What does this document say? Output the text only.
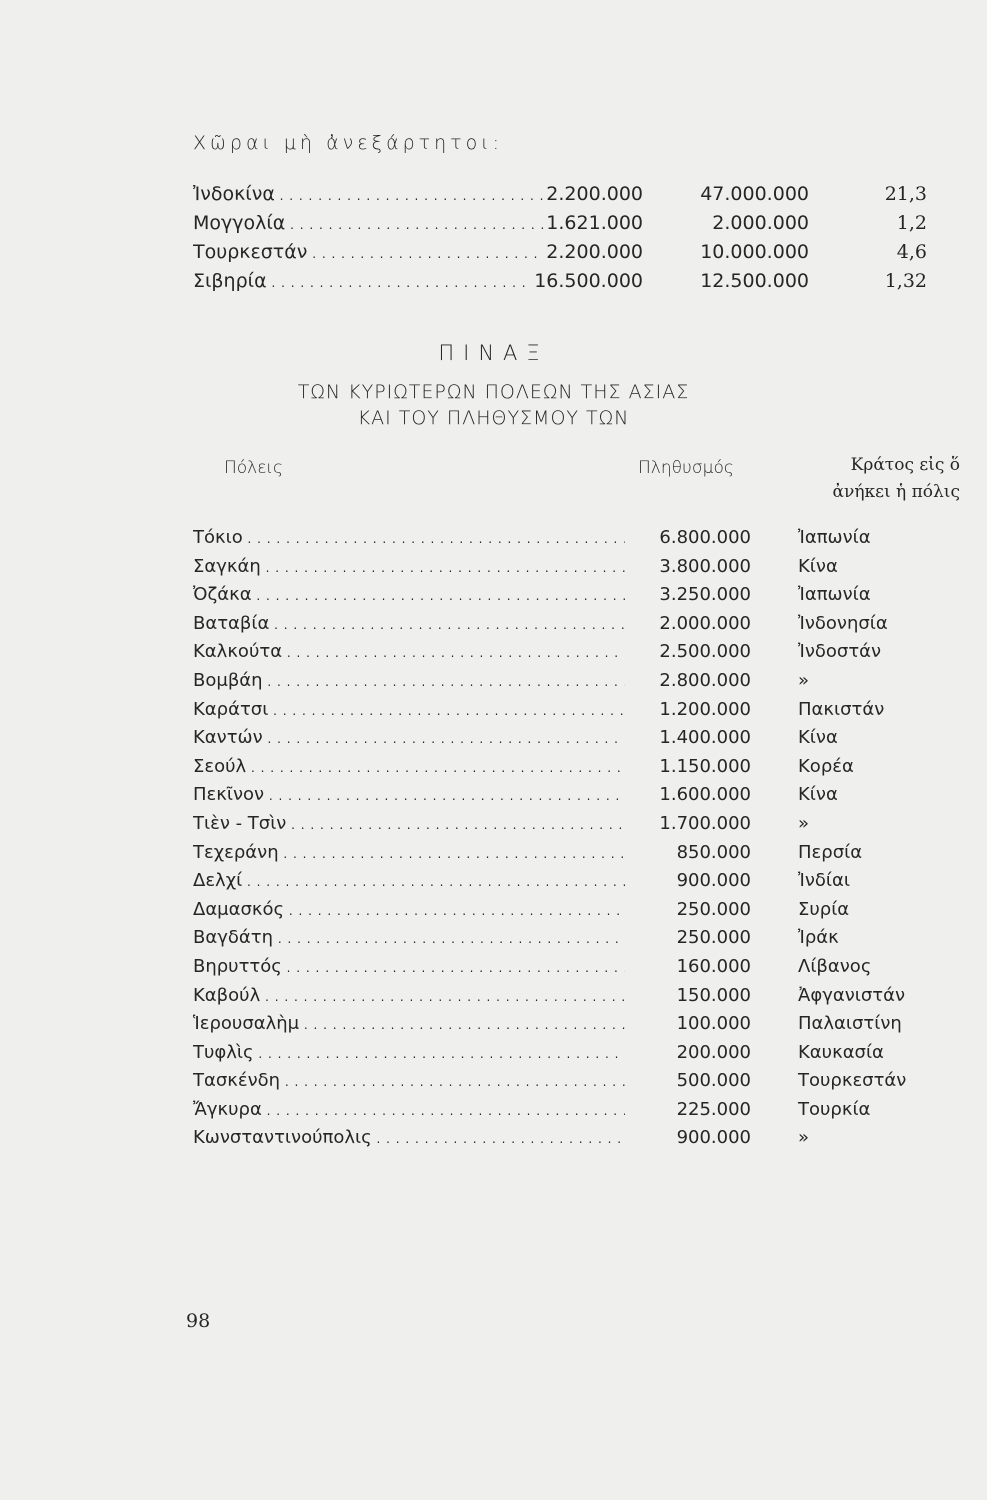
Χῶραι μὴ ἀνεξάρτητοι:
Ἰνδοκίνα . . .	2.200.000	47.000.000	21,3
Μογγολία . . .	1.621.000	2.000.000	1,2
Τουρκεστάν . . .	2.200.000	10.000.000	4,6
Σιβηρία . . .	16.500.000	12.500.000	1,32
ΠΙΝΑΞ
ΤΩΝ ΚΥΡΙΩΤΕΡΩΝ ΠΟΛΕΩΝ ΤΗΣ ΑΣΙΑΣ
ΚΑΙ ΤΟΥ ΠΛΗΘΥΣΜΟΥ ΤΩΝ
Πόλεις	Πληθυσμός	Κράτος εἰς ὅ
ἀνήκει ἡ πόλις
Τόκιο . . .	6.800.000	Ἰαπωνία
Σαγκάη . . .	3.800.000	Κίνα
Ὀζάκα . . .	3.250.000	Ἰαπωνία
Βαταβία . . .	2.000.000	Ἰνδονησία
Καλκούτα . . .	2.500.000	Ἰνδοστάν
Βομβάη . . .	2.800.000	»
Καράτσι . . .	1.200.000	Πακιστάν
Καντών . . .	1.400.000	Κίνα
Σεούλ . . .	1.150.000	Κορέα
Πεκῖνον . . .	1.600.000	Κίνα
Τιὲν - Τσὶν . . .	1.700.000	»
Τεχεράνη . . .	850.000	Περσία
Δελχί . . .	900.000	Ἰνδίαι
Δαμασκός . . .	250.000	Συρία
Βαγδάτη . . .	250.000	Ἰράκ
Βηρυττός . . .	160.000	Λίβανος
Καβούλ . . .	150.000	Ἀφγανιστάν
Ἱερουσαλὴμ . . .	100.000	Παλαιστίνη
Τυφλὶς . . .	200.000	Καυκασία
Τασκένδη . . .	500.000	Τουρκεστάν
Ἄγκυρα . . .	225.000	Τουρκία
Κωνσταντινούπολις . . .	900.000	»
98
